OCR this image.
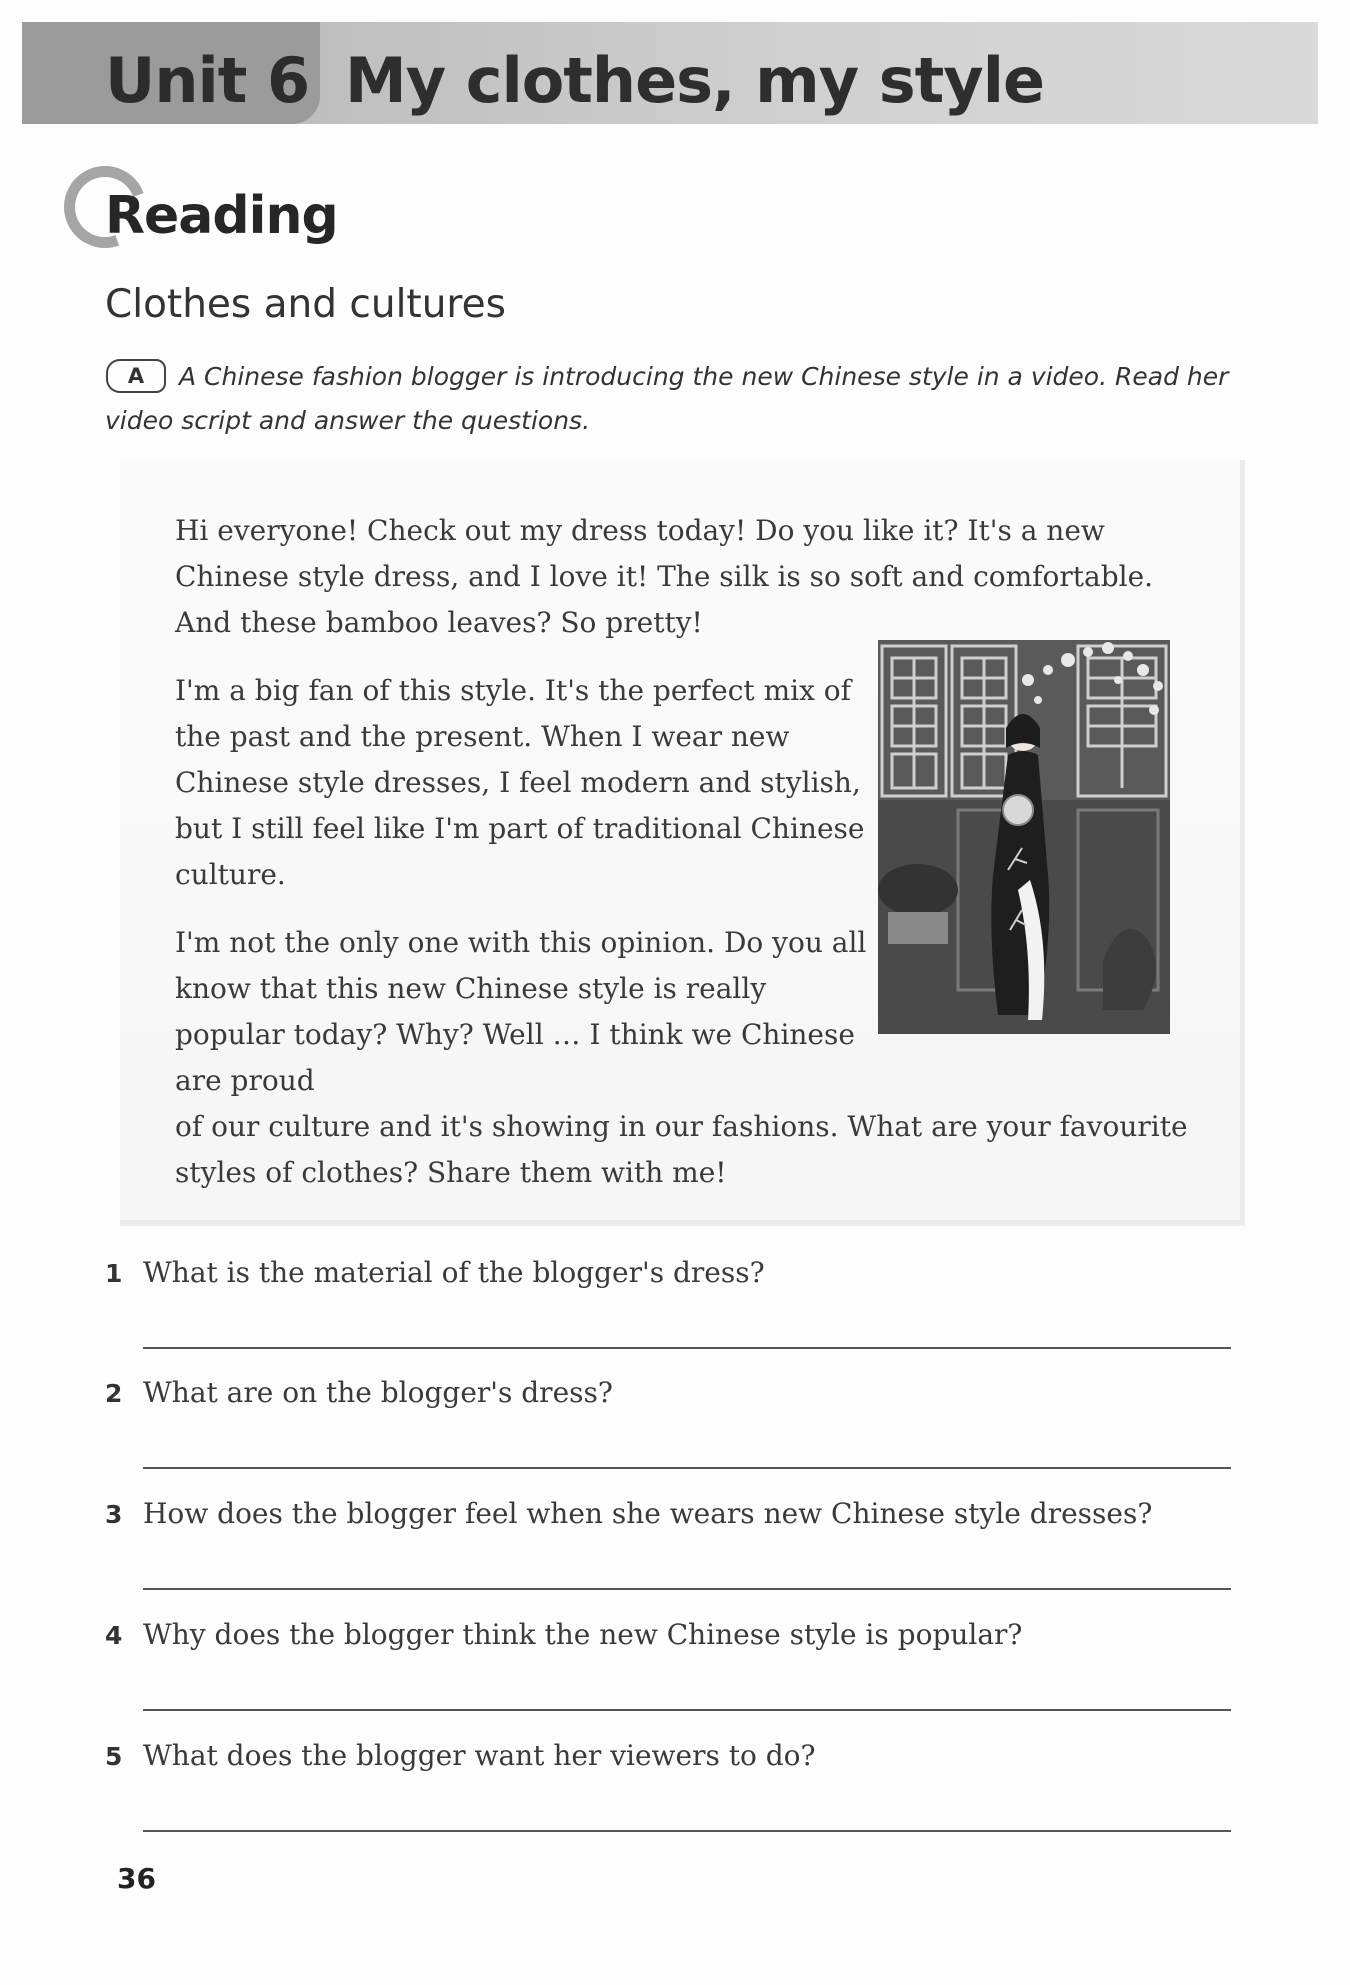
Unit 6 My clothes, my style
Reading
Clothes and cultures
A Chinese fashion blogger is introducing the new Chinese style in a video. Read her video script and answer the questions.
A

Hi everyone! Check out my dress today! Do you like it? It's a new Chinese style dress, and I love it! The silk is so soft and comfortable. And these bamboo leaves? So pretty!

I'm a big fan of this style. It's the perfect mix of the past and the present. When I wear new Chinese style dresses, I feel modern and stylish, but I still feel like I'm part of traditional Chinese culture.

I'm not the only one with this opinion. Do you all know that this new Chinese style is really popular today? Why? Well … I think we Chinese are proud
of our culture and it's showing in our fashions. What are your favourite styles of clothes? Share them with me!

1 What is the material of the blogger's dress?
2 What are on the blogger's dress?
3 How does the blogger feel when she wears new Chinese style dresses?
4 Why does the blogger think the new Chinese style is popular?
5 What does the blogger want her viewers to do?
36
